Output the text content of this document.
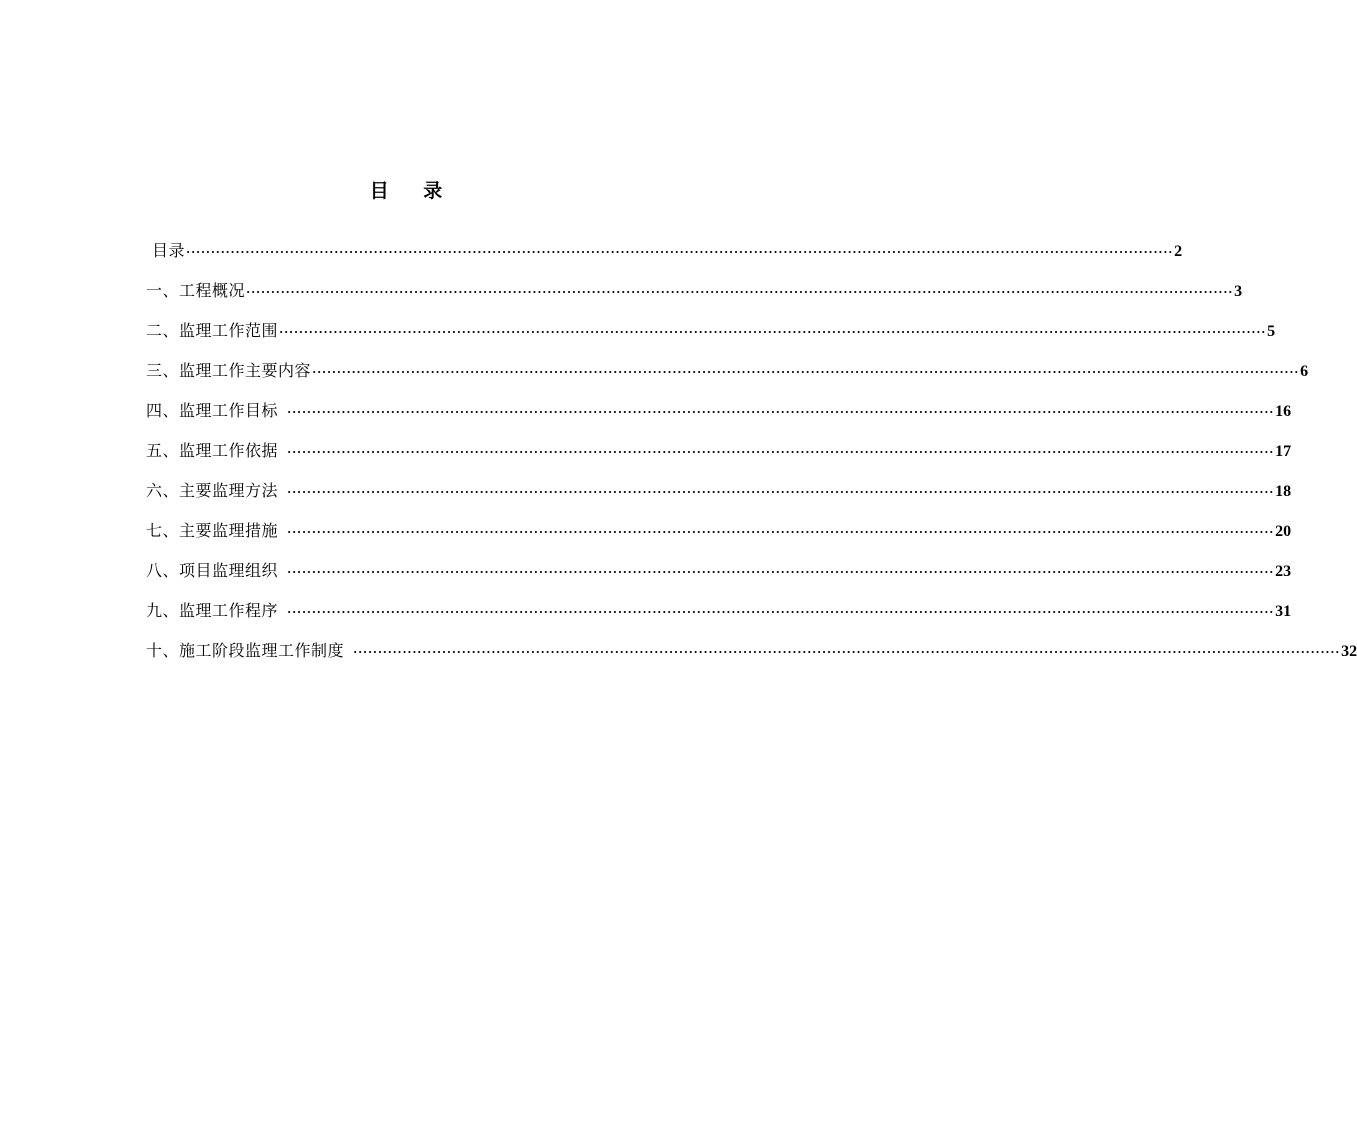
目 录
目录 ········································································································································································································ 2
一、工程概况 ········································································································································································································ 3
二、监理工作范围 ········································································································································································································ 5
三、监理工作主要内容 ········································································································································································································ 6
四、监理工作目标 ········································································································································································································ 16
五、监理工作依据 ········································································································································································································ 17
六、主要监理方法 ········································································································································································································ 18
七、主要监理措施 ········································································································································································································ 20
八、项目监理组织 ········································································································································································································ 23
九、监理工作程序 ········································································································································································································ 31
十、施工阶段监理工作制度 ········································································································································································································ 32
